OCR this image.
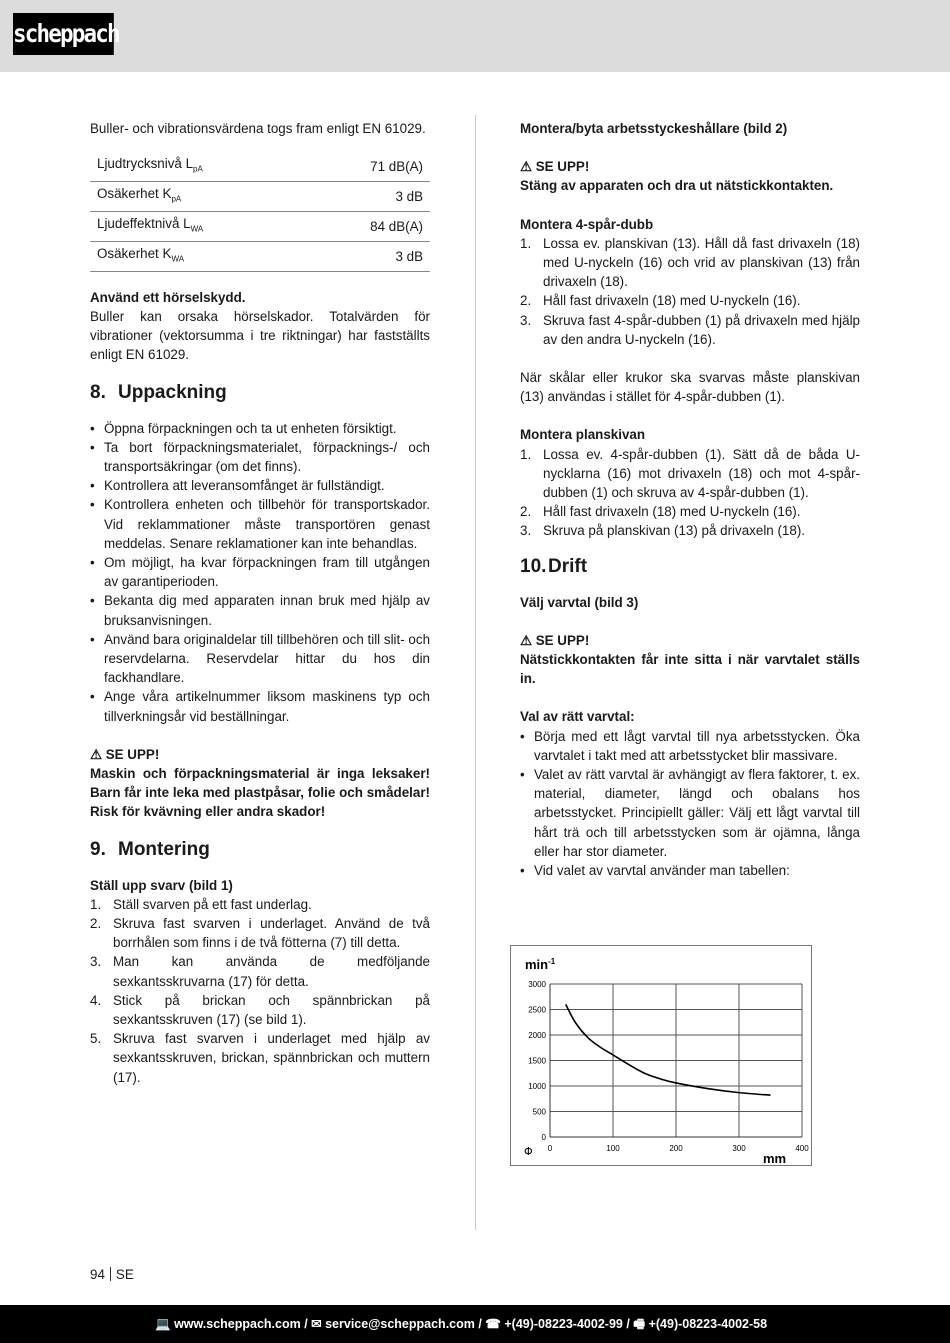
scheppach

Buller- och vibrationsvärdena togs fram enligt EN 61029.

Ljudtrycksnivå $L_{pA}$	71 dB(A)
Osäkerhet $K_{pA}$	3 dB
Ljudeffektnivå $L_{WA}$	84 dB(A)
Osäkerhet $K_{WA}$	3 dB

Använd ett hörselskydd.

Buller kan orsaka hörselskador. Totalvärden för vibrationer (vektorsumma i tre riktningar) har fastställts enligt EN 61029.

8. Uppackning
• Öppna förpackningen och ta ut enheten försiktigt.
• Ta bort förpackningsmaterialet, förpacknings-/ och transportsäkringar (om det finns).
• Kontrollera att leveransomfånget är fullständigt.
• Kontrollera enheten och tillbehör för transportskador. Vid reklammationer måste transportören genast meddelas. Senare reklamationer kan inte behandlas.
• Om möjligt, ha kvar förpackningen fram till utgången av garantiperioden.
• Bekanta dig med apparaten innan bruk med hjälp av bruksanvisningen.
• Använd bara originaldelar till tillbehören och till slit- och reservdelarna. Reservdelar hittar du hos din fackhandlare.
• Ange våra artikelnummer liksom maskinens typ och tillverkningsår vid beställningar.

⚠ SE UPP!

Maskin och förpackningsmaterial är inga leksaker! Barn får inte leka med plastpåsar, folie och smådelar! Risk för kvävning eller andra skador!

9. Montering

Ställ upp svarv (bild 1)

1. Ställ svarven på ett fast underlag.
2. Skruva fast svarven i underlaget. Använd de två borrhålen som finns i de två fötterna (7) till detta.
3. Man kan använda de medföljande sexkantsskruvarna (17) för detta.
4. Stick på brickan och spännbrickan på sexkantsskruven (17) (se bild 1).
5. Skruva fast svarven i underlaget med hjälp av sexkantsskruven, brickan, spännbrickan och muttern (17).

Montera/byta arbetsstyckeshållare (bild 2)

⚠ SE UPP!

Stäng av apparaten och dra ut nätstickkontakten.

Montera 4-spår-dubb

1. Lossa ev. planskivan (13). Håll då fast drivaxeln (18) med U-nyckeln (16) och vrid av planskivan (13) från drivaxeln (18).
2. Håll fast drivaxeln (18) med U-nyckeln (16).
3. Skruva fast 4-spår-dubben (1) på drivaxeln med hjälp av den andra U-nyckeln (16).

När skålar eller krukor ska svarvas måste planskivan (13) användas i stället för 4-spår-dubben (1).

Montera planskivan

1. Lossa ev. 4-spår-dubben (1). Sätt då de båda U-nycklarna (16) mot drivaxeln (18) och mot 4-spår-dubben (1) och skruva av 4-spår-dubben (1).
2. Håll fast drivaxeln (18) med U-nyckeln (16).
3. Skruva på planskivan (13) på drivaxeln (18).
10.Drift

Välj varvtal (bild 3)

⚠ SE UPP!

Nätstickkontakten får inte sitta i när varvtalet ställs in.

Val av rätt varvtal:

• Börja med ett lågt varvtal till nya arbetsstycken. Öka varvtalet i takt med att arbetsstycket blir massivare.
• Valet av rätt varvtal är avhängigt av flera faktorer, t. ex. material, diameter, längd och obalans hos arbetsstycket. Principiellt gäller: Välj ett lågt varvtal till hårt trä och till arbetsstycken som är ojämna, långa eller har stor diameter.
• Vid valet av varvtal använder man tabellen:
0
500
1000
1500
2000
2500
3000
0	100	200	300	400
$\min^{-1}$
mm
Φ
94 SE
💻 www.scheppach.com / ✉ service@scheppach.com / ☎ +(49)-08223-4002-99 / 🖷 +(49)-08223-4002-58
